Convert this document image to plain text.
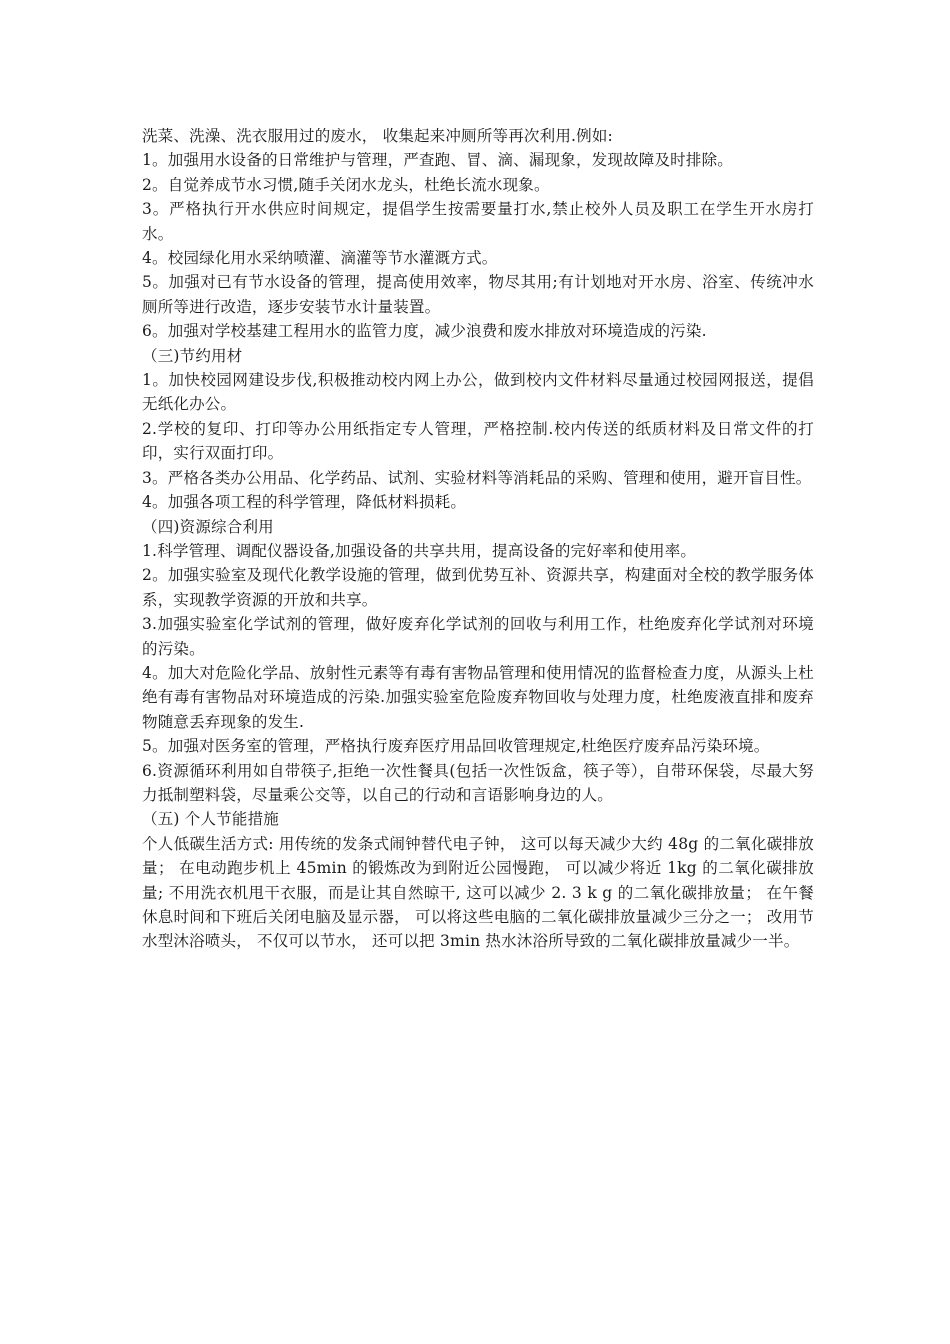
洗菜、洗澡、洗衣服用过的废水， 收集起来冲厕所等再次利用.例如:

1。加强用水设备的日常维护与管理，严查跑、冒、滴、漏现象，发现故障及时排除。

2。自觉养成节水习惯,随手关闭水龙头，杜绝长流水现象。

3。严格执行开水供应时间规定，提倡学生按需要量打水,禁止校外人员及职工在学生开水房打水。

4。校园绿化用水采纳喷灌、滴灌等节水灌溉方式。

5。加强对已有节水设备的管理，提高使用效率，物尽其用;有计划地对开水房、浴室、传统冲水厕所等进行改造，逐步安装节水计量装置。

6。加强对学校基建工程用水的监管力度，减少浪费和废水排放对环境造成的污染.

（三)节约用材

1。加快校园网建设步伐,积极推动校内网上办公，做到校内文件材料尽量通过校园网报送，提倡无纸化办公。

2.学校的复印、打印等办公用纸指定专人管理，严格控制.校内传送的纸质材料及日常文件的打印，实行双面打印。

3。严格各类办公用品、化学药品、试剂、实验材料等消耗品的采购、管理和使用，避开盲目性。

4。加强各项工程的科学管理，降低材料损耗。

（四)资源综合利用

1.科学管理、调配仪器设备,加强设备的共享共用，提高设备的完好率和使用率。

2。加强实验室及现代化教学设施的管理，做到优势互补、资源共享，构建面对全校的教学服务体系，实现教学资源的开放和共享。

3.加强实验室化学试剂的管理，做好废弃化学试剂的回收与利用工作，杜绝废弃化学试剂对环境的污染。

4。加大对危险化学品、放射性元素等有毒有害物品管理和使用情况的监督检查力度，从源头上杜绝有毒有害物品对环境造成的污染.加强实验室危险废弃物回收与处理力度，杜绝废液直排和废弃物随意丢弃现象的发生.

5。加强对医务室的管理，严格执行废弃医疗用品回收管理规定,杜绝医疗废弃品污染环境。

6.资源循环利用如自带筷子,拒绝一次性餐具(包括一次性饭盒，筷子等），自带环保袋，尽最大努力抵制塑料袋，尽量乘公交等，以自己的行动和言语影响身边的人。

（五) 个人节能措施

个人低碳生活方式: 用传统的发条式闹钟替代电子钟， 这可以每天减少大约 48g 的二氧化碳排放量； 在电动跑步机上 45min 的锻炼改为到附近公园慢跑， 可以减少将近 1kg 的二氧化碳排放量; 不用洗衣机甩干衣服，而是让其自然晾干, 这可以减少 2. 3 k g 的二氧化碳排放量； 在午餐休息时间和下班后关闭电脑及显示器， 可以将这些电脑的二氧化碳排放量减少三分之一； 改用节水型沐浴喷头， 不仅可以节水， 还可以把 3min 热水沐浴所导致的二氧化碳排放量减少一半。
